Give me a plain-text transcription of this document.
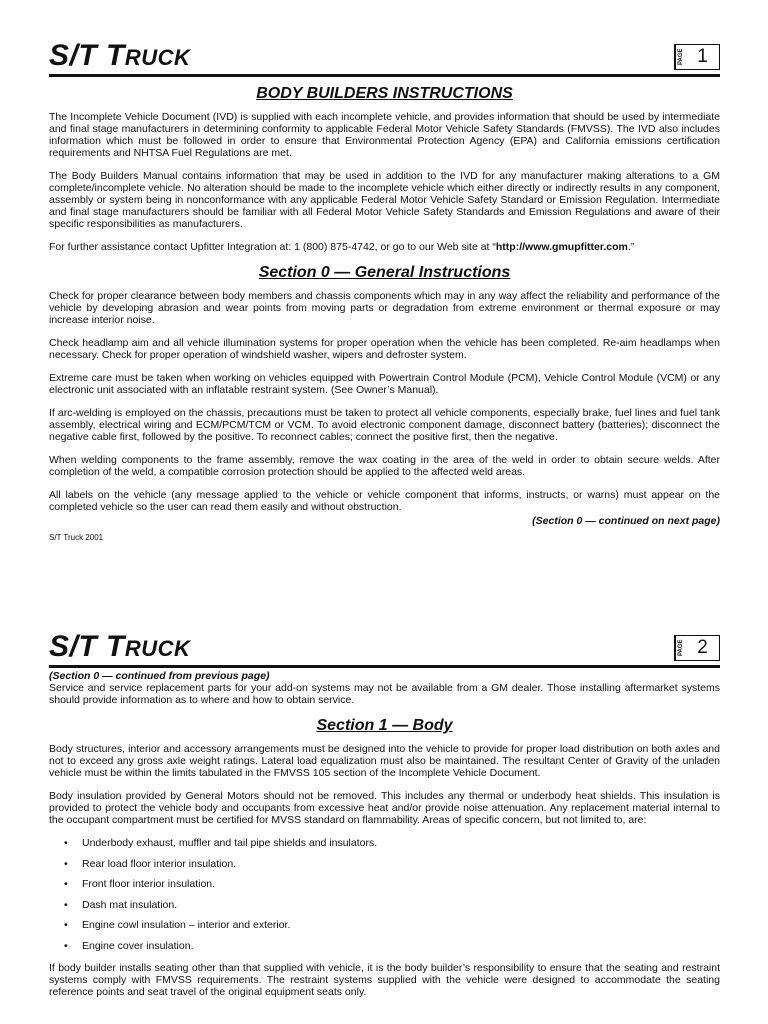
S/T TRUCK	PAGE 1
BODY BUILDERS INSTRUCTIONS

The Incomplete Vehicle Document (IVD) is supplied with each incomplete vehicle, and provides information that should be used by intermediate and final stage manufacturers in determining conformity to applicable Federal Motor Vehicle Safety Standards (FMVSS). The IVD also includes information which must be followed in order to ensure that Environmental Protection Agency (EPA) and California emissions certification requirements and NHTSA Fuel Regulations are met.

The Body Builders Manual contains information that may be used in addition to the IVD for any manufacturer making alterations to a GM complete/incomplete vehicle. No alteration should be made to the incomplete vehicle which either directly or indirectly results in any component, assembly or system being in nonconformance with any applicable Federal Motor Vehicle Safety Standard or Emission Regulation. Intermediate and final stage manufacturers should be familiar with all Federal Motor Vehicle Safety Standards and Emission Regulations and aware of their specific responsibilities as manufacturers.

For further assistance contact Upfitter Integration at: 1 (800) 875-4742, or go to our Web site at “http://www.gmupfitter.com.”

Section 0 — General Instructions

Check for proper clearance between body members and chassis components which may in any way affect the reliability and performance of the vehicle by developing abrasion and wear points from moving parts or degradation from extreme environment or thermal exposure or may increase interior noise.

Check headlamp aim and all vehicle illumination systems for proper operation when the vehicle has been completed. Re-aim headlamps when necessary. Check for proper operation of windshield washer, wipers and defroster system.

Extreme care must be taken when working on vehicles equipped with Powertrain Control Module (PCM), Vehicle Control Module (VCM) or any electronic unit associated with an inflatable restraint system. (See Owner’s Manual).

If arc-welding is employed on the chassis, precautions must be taken to protect all vehicle components, especially brake, fuel lines and fuel tank assembly, electrical wiring and ECM/PCM/TCM or VCM. To avoid electronic component damage, disconnect battery (batteries); disconnect the negative cable first, followed by the positive. To reconnect cables; connect the positive first, then the negative.

When welding components to the frame assembly, remove the wax coating in the area of the weld in order to obtain secure welds. After completion of the weld, a compatible corrosion protection should be applied to the affected weld areas.

All labels on the vehicle (any message applied to the vehicle or vehicle component that informs, instructs, or warns) must appear on the completed vehicle so the user can read them easily and without obstruction.

(Section 0 — continued on next page)
S/T Truck 2001
S/T TRUCK	PAGE 2
(Section 0 — continued from previous page)

Service and service replacement parts for your add-on systems may not be available from a GM dealer. Those installing aftermarket systems should provide information as to where and how to obtain service.

Section 1 — Body

Body structures, interior and accessory arrangements must be designed into the vehicle to provide for proper load distribution on both axles and not to exceed any gross axle weight ratings. Lateral load equalization must also be maintained. The resultant Center of Gravity of the unladen vehicle must be within the limits tabulated in the FMVSS 105 section of the Incomplete Vehicle Document.

Body insulation provided by General Motors should not be removed. This includes any thermal or underbody heat shields. This insulation is provided to protect the vehicle body and occupants from excessive heat and/or provide noise attenuation. Any replacement material internal to the occupant compartment must be certified for MVSS standard on flammability. Areas of specific concern, but not limited to, are:

• Underbody exhaust, muffler and tail pipe shields and insulators.
• Rear load floor interior insulation.
• Front floor interior insulation.
• Dash mat insulation.
• Engine cowl insulation – interior and exterior.
• Engine cover insulation.

If body builder installs seating other than that supplied with vehicle, it is the body builder’s responsibility to ensure that the seating and restraint systems comply with FMVSS requirements. The restraint systems supplied with the vehicle were designed to accommodate the seating reference points and seat travel of the original equipment seats only.
